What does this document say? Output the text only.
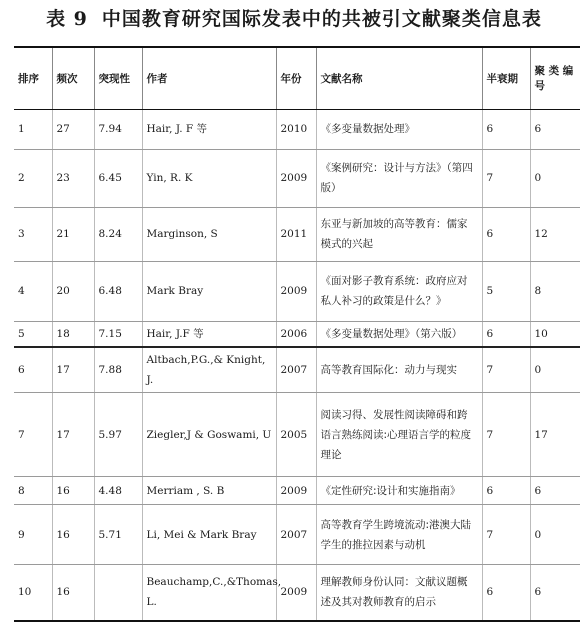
表 9 中国教育研究国际发表中的共被引文献聚类信息表
排序	频次	突现性	作者	年份	文献名称	半衰期	聚 类 编号
1	27	7.94	Hair, J. F 等	2010	《多变量数据处理》	6	6
2	23	6.45	Yin, R. K	2009	《案例研究：设计与方法》（第四版）	7	0
3	21	8.24	Marginson, S	2011	东亚与新加坡的高等教育：儒家模式的兴起	6	12
4	20	6.48	Mark Bray	2009	《面对影子教育系统：政府应对私人补习的政策是什么？》	5	8
5	18	7.15	Hair, J.F 等	2006	《多变量数据处理》（第六版）	6	10
6	17	7.88	Altbach,P.G.,& Knight, J.	2007	高等教育国际化：动力与现实	7	0
7	17	5.97	Ziegler,J & Goswami, U	2005	阅读习得、发展性阅读障碍和跨语言熟练阅读:心理语言学的粒度理论	7	17
8	16	4.48	Merriam , S. B	2009	《定性研究:设计和实施指南》	6	6
9	16	5.71	Li, Mei & Mark Bray	2007	高等教育学生跨境流动:港澳大陆学生的推拉因素与动机	7	0
10	16		Beauchamp,C.,&Thomas, L.	2009	理解教师身份认同：文献议题概述及其对教师教育的启示	6	6
